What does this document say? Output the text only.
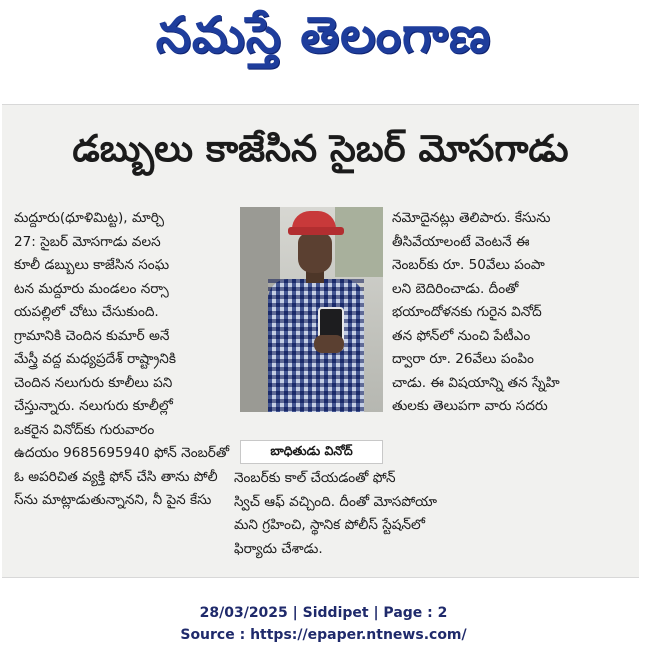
నమస్తే తెలంగాణ
డబ్బులు కాజేసిన సైబర్ మోసగాడు
మద్దూరు(ధూళిమిట్ట), మార్చి
27: సైబర్ మోసగాడు వలస
కూలీ డబ్బులు కాజేసిన సంఘ
టన మద్దూరు మండలం నర్సా
యపల్లిలో చోటు చేసుకుంది.
గ్రామానికి చెందిన కుమార్ అనే
మేస్త్రీ వద్ద మధ్యప్రదేశ్ రాష్ట్రానికి
చెందిన నలుగురు కూలీలు పని
చేస్తున్నారు. నలుగురు కూలీల్లో
ఒకరైన వినోద్‌కు గురువారం
ఉదయం 9685695940 ఫోన్ నెంబర్‌తో
ఓ అపరిచిత వ్యక్తి ఫోన్ చేసి తాను పోలీ
స్‌ను మాట్లాడుతున్నానని, నీ పైన కేసు
బాధితుడు వినోద్
నమోదైనట్లు తెలిపారు. కేసును
తీసివేయాలంటే వెంటనే ఈ
నెంబర్‌కు రూ. 50వేలు పంపా
లని బెదిరించాడు. దీంతో
భయాందోళనకు గురైన వినోద్
తన ఫోన్‌లో నుంచి పేటీఎం
ద్వారా రూ. 26వేలు పంపిం
చాడు. ఈ విషయాన్ని తన స్నేహి
తులకు తెలుపగా వారు సదరు
నెంబర్‌కు కాల్ చేయడంతో ఫోన్
స్విచ్ ఆఫ్ వచ్చింది. దీంతో మోసపోయా
మని గ్రహించి, స్థానిక పోలీస్ స్టేషన్‌లో
ఫిర్యాదు చేశాడు.
28/03/2025 | Siddipet | Page : 2
Source : https://epaper.ntnews.com/
